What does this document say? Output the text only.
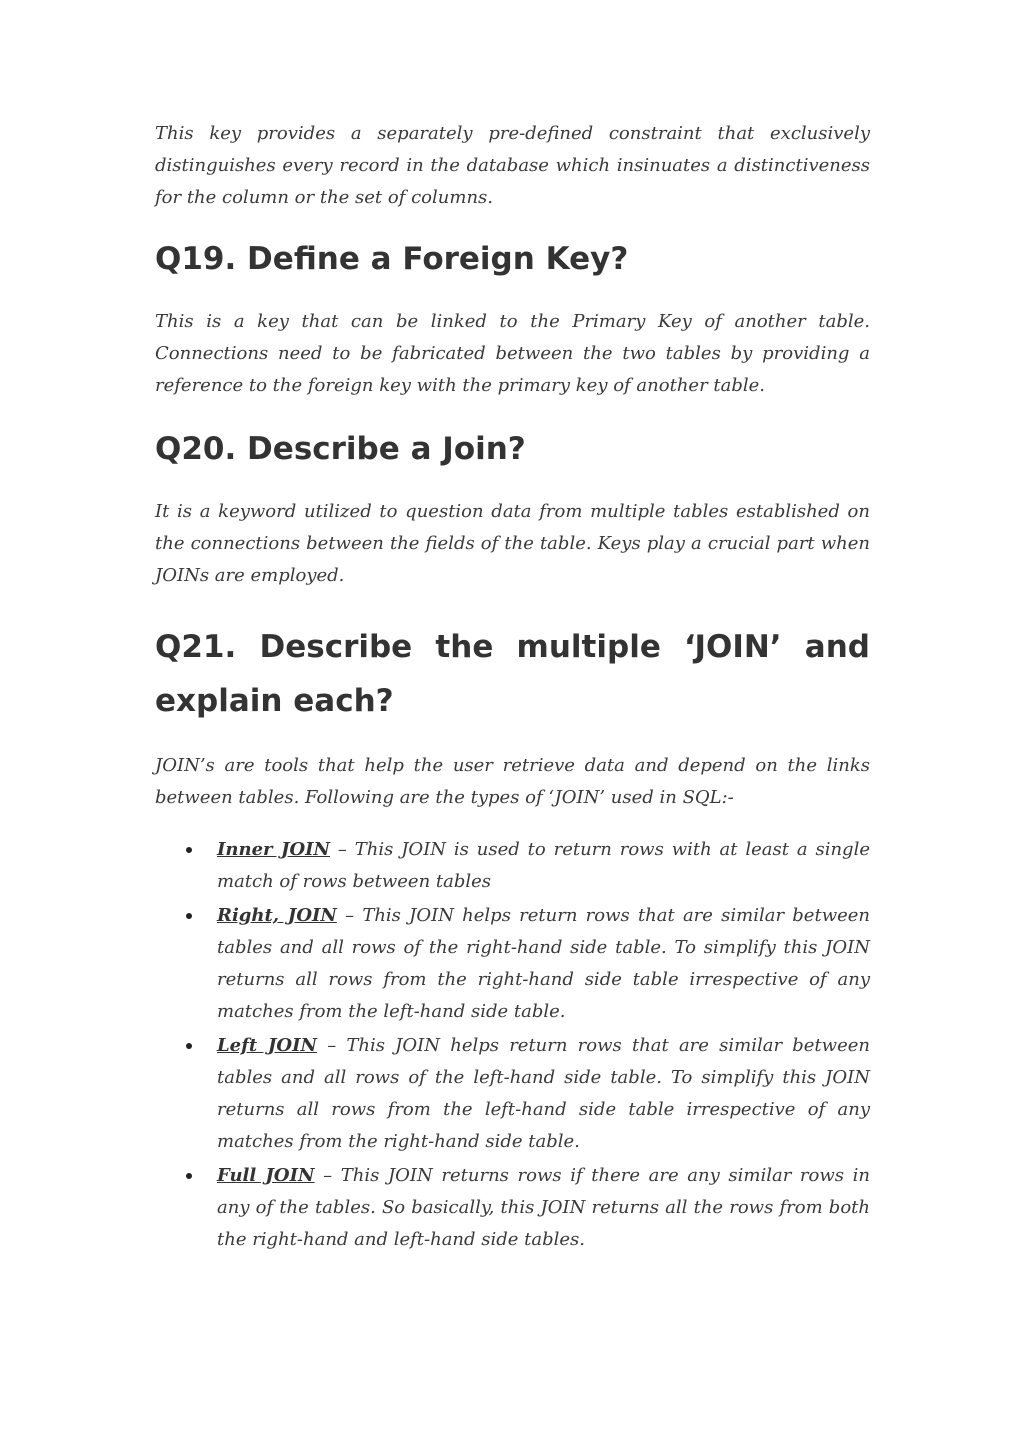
This key provides a separately pre-defined constraint that exclusively distinguishes every record in the database which insinuates a distinctiveness for the column or the set of columns.

Q19. Define a Foreign Key?

This is a key that can be linked to the Primary Key of another table. Connections need to be fabricated between the two tables by providing a reference to the foreign key with the primary key of another table.

Q20. Describe a Join?

It is a keyword utilized to question data from multiple tables established on the connections between the fields of the table. Keys play a crucial part when JOINs are employed.

Q21. Describe the multiple ‘JOIN’ and explain each?

JOIN’s are tools that help the user retrieve data and depend on the links between tables. Following are the types of ‘JOIN’ used in SQL:-

Inner JOIN – This JOIN is used to return rows with at least a single match of rows between tables
Right, JOIN – This JOIN helps return rows that are similar between tables and all rows of the right-hand side table. To simplify this JOIN returns all rows from the right-hand side table irrespective of any matches from the left-hand side table.
Left JOIN – This JOIN helps return rows that are similar between tables and all rows of the left-hand side table. To simplify this JOIN returns all rows from the left-hand side table irrespective of any matches from the right-hand side table.
Full JOIN – This JOIN returns rows if there are any similar rows in any of the tables. So basically, this JOIN returns all the rows from both the right-hand and left-hand side tables.
